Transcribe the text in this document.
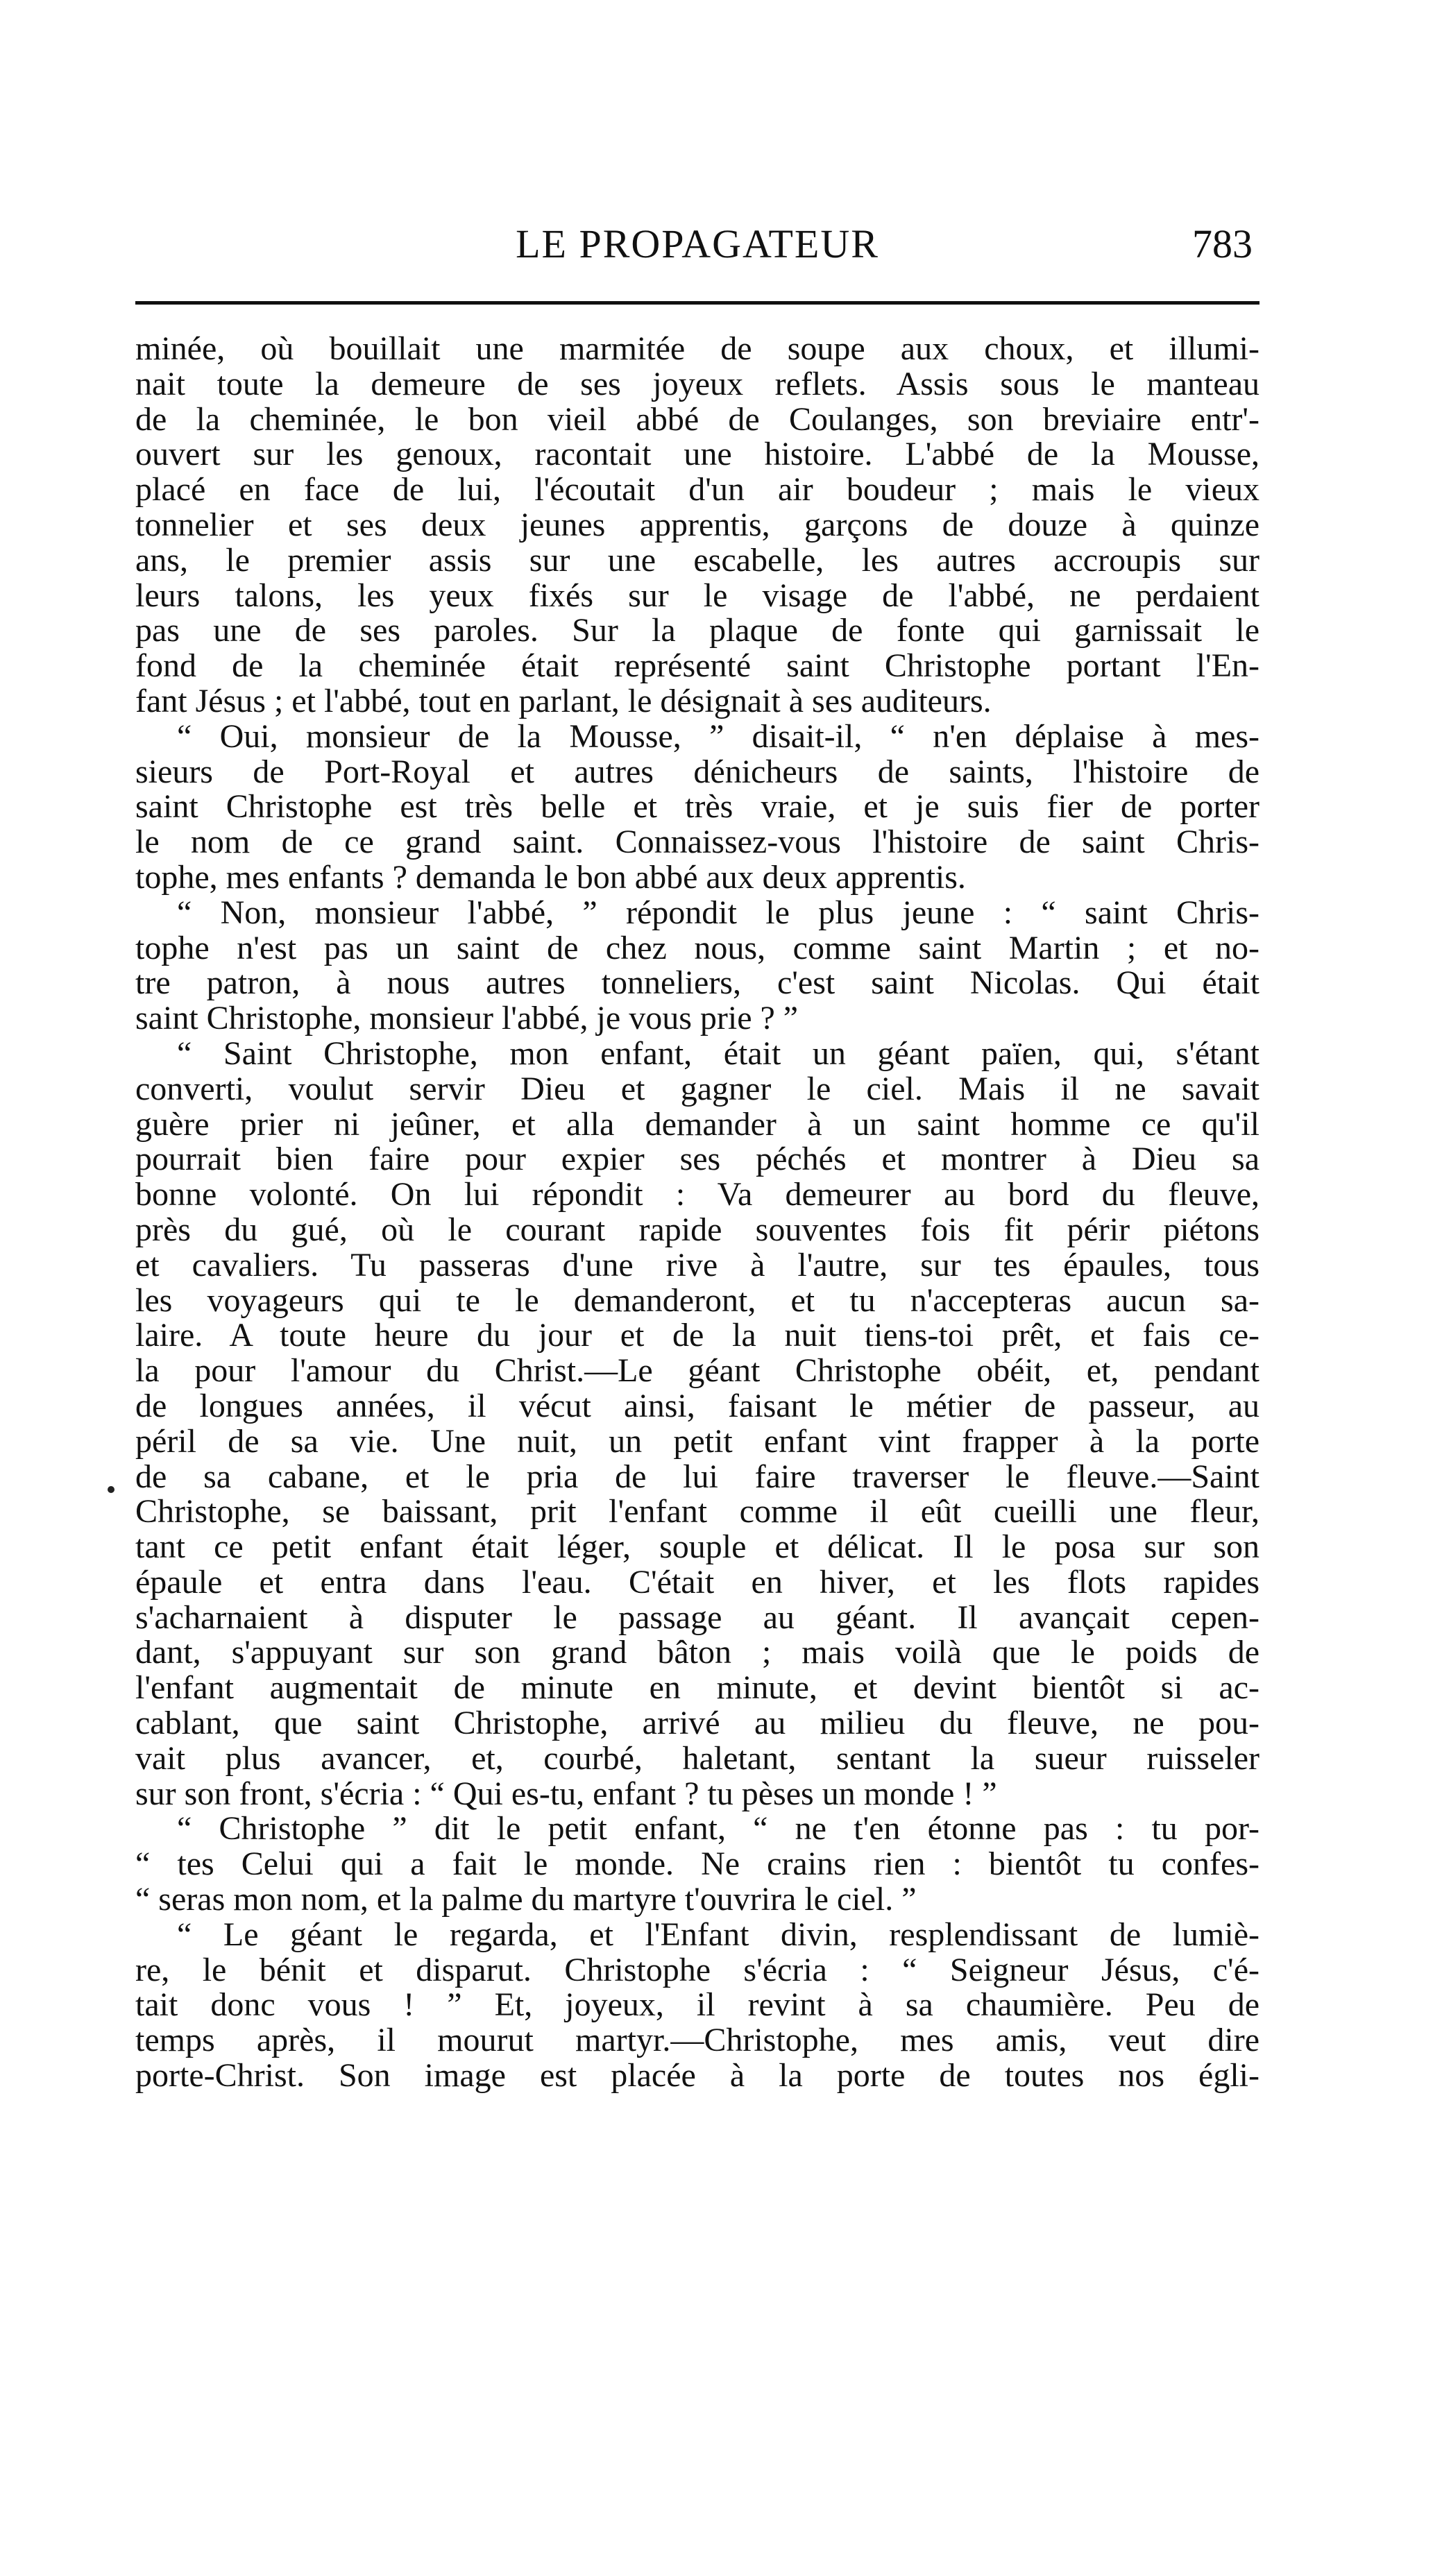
LE PROPAGATEUR	783
minée, où bouillait une marmitée de soupe aux choux, et illumi-
nait toute la demeure de ses joyeux reflets. Assis sous le manteau
de la cheminée, le bon vieil abbé de Coulanges, son breviaire entr'-
ouvert sur les genoux, racontait une histoire. L'abbé de la Mousse,
placé en face de lui, l'écoutait d'un air boudeur ; mais le vieux
tonnelier et ses deux jeunes apprentis, garçons de douze à quinze
ans, le premier assis sur une escabelle, les autres accroupis sur
leurs talons, les yeux fixés sur le visage de l'abbé, ne perdaient
pas une de ses paroles. Sur la plaque de fonte qui garnissait le
fond de la cheminée était représenté saint Christophe portant l'En-
fant Jésus ; et l'abbé, tout en parlant, le désignait à ses auditeurs.
“ Oui, monsieur de la Mousse, ” disait-il, “ n'en déplaise à mes-
sieurs de Port-Royal et autres dénicheurs de saints, l'histoire de
saint Christophe est très belle et très vraie, et je suis fier de porter
le nom de ce grand saint. Connaissez-vous l'histoire de saint Chris-
tophe, mes enfants ? demanda le bon abbé aux deux apprentis.
“ Non, monsieur l'abbé, ” répondit le plus jeune : “ saint Chris-
tophe n'est pas un saint de chez nous, comme saint Martin ; et no-
tre patron, à nous autres tonneliers, c'est saint Nicolas. Qui était
saint Christophe, monsieur l'abbé, je vous prie ? ”
“ Saint Christophe, mon enfant, était un géant païen, qui, s'étant
converti, voulut servir Dieu et gagner le ciel. Mais il ne savait
guère prier ni jeûner, et alla demander à un saint homme ce qu'il
pourrait bien faire pour expier ses péchés et montrer à Dieu sa
bonne volonté. On lui répondit : Va demeurer au bord du fleuve,
près du gué, où le courant rapide souventes fois fit périr piétons
et cavaliers. Tu passeras d'une rive à l'autre, sur tes épaules, tous
les voyageurs qui te le demanderont, et tu n'accepteras aucun sa-
laire. A toute heure du jour et de la nuit tiens-toi prêt, et fais ce-
la pour l'amour du Christ.—Le géant Christophe obéit, et, pendant
de longues années, il vécut ainsi, faisant le métier de passeur, au
péril de sa vie. Une nuit, un petit enfant vint frapper à la porte
de sa cabane, et le pria de lui faire traverser le fleuve.—Saint
Christophe, se baissant, prit l'enfant comme il eût cueilli une fleur,
tant ce petit enfant était léger, souple et délicat. Il le posa sur son
épaule et entra dans l'eau. C'était en hiver, et les flots rapides
s'acharnaient à disputer le passage au géant. Il avançait cepen-
dant, s'appuyant sur son grand bâton ; mais voilà que le poids de
l'enfant augmentait de minute en minute, et devint bientôt si ac-
cablant, que saint Christophe, arrivé au milieu du fleuve, ne pou-
vait plus avancer, et, courbé, haletant, sentant la sueur ruisseler
sur son front, s'écria : “ Qui es-tu, enfant ? tu pèses un monde ! ”
“ Christophe ” dit le petit enfant, “ ne t'en étonne pas : tu por-
“ tes Celui qui a fait le monde. Ne crains rien : bientôt tu confes-
“ seras mon nom, et la palme du martyre t'ouvrira le ciel. ”
“ Le géant le regarda, et l'Enfant divin, resplendissant de lumiè-
re, le bénit et disparut. Christophe s'écria : “ Seigneur Jésus, c'é-
tait donc vous ! ” Et, joyeux, il revint à sa chaumière. Peu de
temps après, il mourut martyr.—Christophe, mes amis, veut dire
porte-Christ. Son image est placée à la porte de toutes nos égli-
